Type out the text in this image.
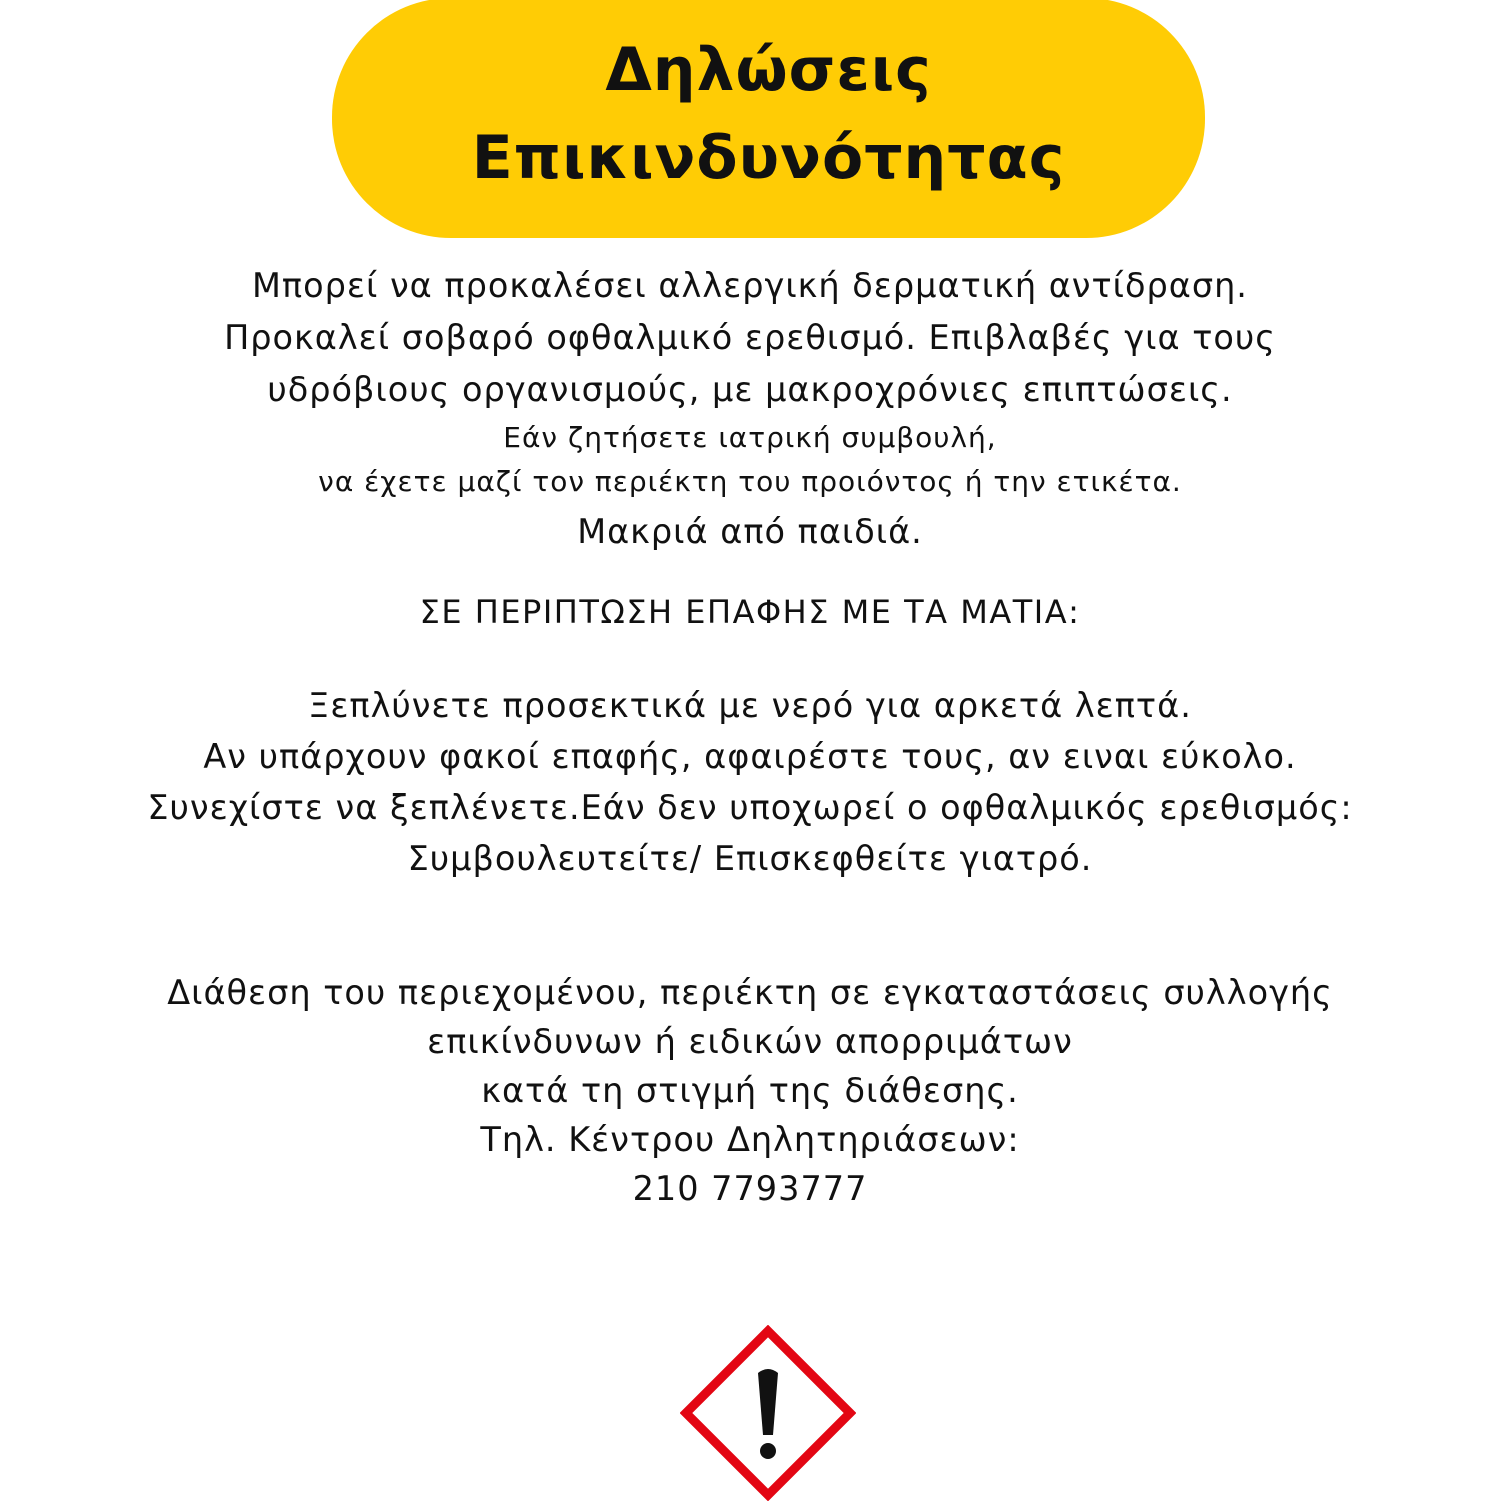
Δηλώσεις
Επικινδυνότητας
Μπορεί να προκαλέσει αλλεργική δερματική αντίδραση.
Προκαλεί σοβαρό οφθαλμικό ερεθισμό. Επιβλαβές για τους
υδρόβιους οργανισμούς, με μακροχρόνιες επιπτώσεις.
Εάν ζητήσετε ιατρική συμβουλή,
να έχετε μαζί τον περιέκτη του προιόντος ή την ετικέτα.
Μακριά από παιδιά.
ΣΕ ΠΕΡΙΠΤΩΣΗ ΕΠΑΦΗΣ ΜΕ ΤΑ ΜΑΤΙΑ:
Ξεπλύνετε προσεκτικά με νερό για αρκετά λεπτά.
Αν υπάρχουν φακοί επαφής, αφαιρέστε τους, αν ειναι εύκολο.
Συνεχίστε να ξεπλένετε.Εάν δεν υποχωρεί ο οφθαλμικός ερεθισμός:
Συμβουλευτείτε/ Επισκεφθείτε γιατρό.
Διάθεση του περιεχομένου, περιέκτη σε εγκαταστάσεις συλλογής
επικίνδυνων ή ειδικών απορριμάτων
κατά τη στιγμή της διάθεσης.
Τηλ. Κέντρου Δηλητηριάσεων:
210 7793777
